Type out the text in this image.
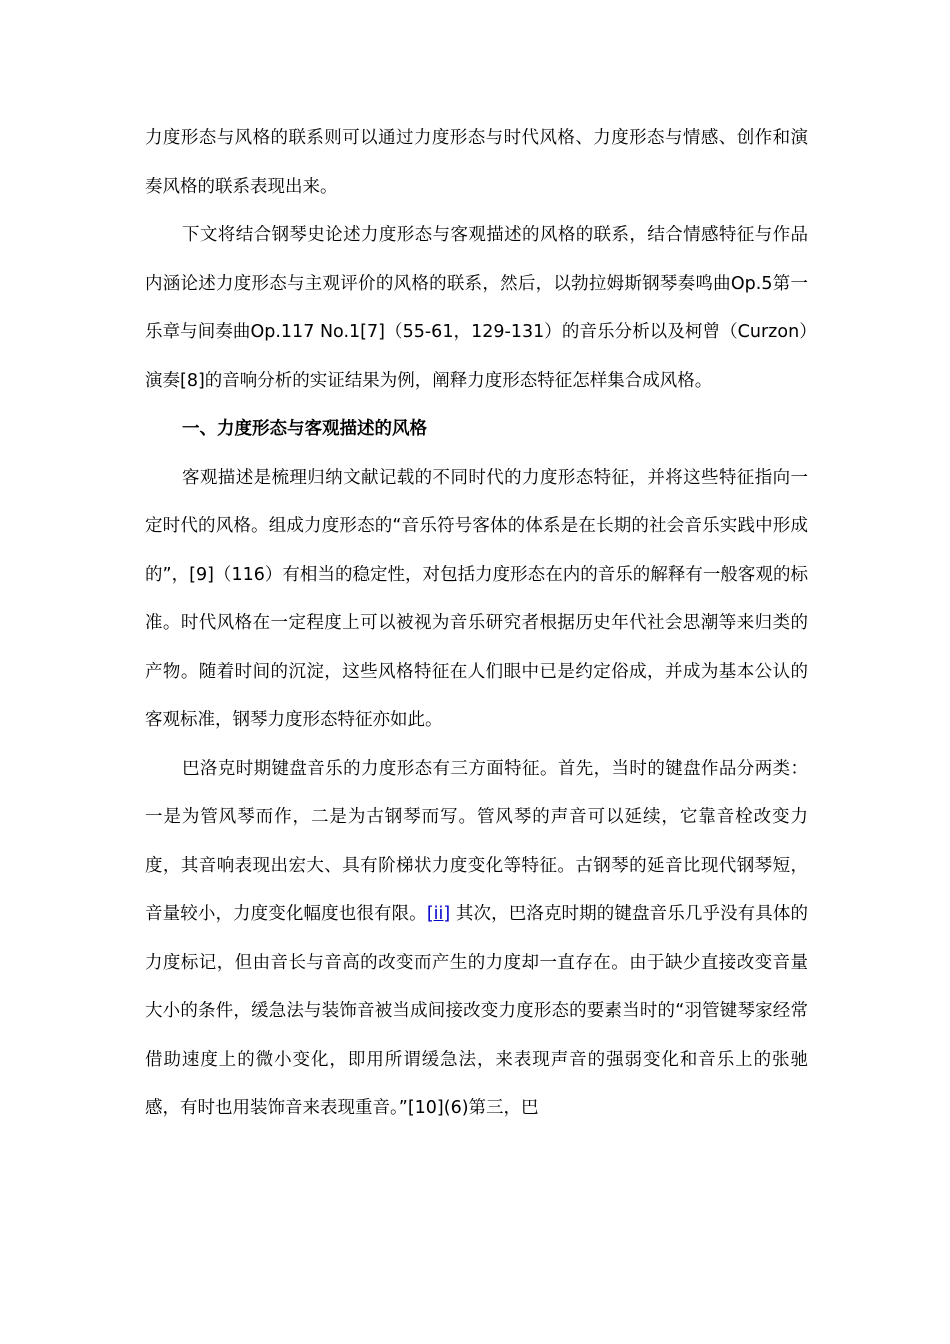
力度形态与风格的联系则可以通过力度形态与时代风格、力度形态与情感、创作和演奏风格的联系表现出来。

下文将结合钢琴史论述力度形态与客观描述的风格的联系，结合情感特征与作品内涵论述力度形态与主观评价的风格的联系，然后，以勃拉姆斯钢琴奏鸣曲Op.5第一乐章与间奏曲Op.117 No.1[7]（55-61，129-131）的音乐分析以及柯曾（Curzon）演奏[8]的音响分析的实证结果为例，阐释力度形态特征怎样集合成风格。

一、力度形态与客观描述的风格

客观描述是梳理归纳文献记载的不同时代的力度形态特征，并将这些特征指向一定时代的风格。组成力度形态的“音乐符号客体的体系是在长期的社会音乐实践中形成的”，[9]（116）有相当的稳定性，对包括力度形态在内的音乐的解释有一般客观的标准。时代风格在一定程度上可以被视为音乐研究者根据历史年代社会思潮等来归类的产物。随着时间的沉淀，这些风格特征在人们眼中已是约定俗成，并成为基本公认的客观标准，钢琴力度形态特征亦如此。

巴洛克时期键盘音乐的力度形态有三方面特征。首先，当时的键盘作品分两类：一是为管风琴而作，二是为古钢琴而写。管风琴的声音可以延续，它靠音栓改变力度，其音响表现出宏大、具有阶梯状力度变化等特征。古钢琴的延音比现代钢琴短，音量较小，力度变化幅度也很有限。[ii] 其次，巴洛克时期的键盘音乐几乎没有具体的力度标记，但由音长与音高的改变而产生的力度却一直存在。由于缺少直接改变音量大小的条件，缓急法与装饰音被当成间接改变力度形态的要素当时的“羽管键琴家经常借助速度上的微小变化，即用所谓缓急法，来表现声音的强弱变化和音乐上的张驰感，有时也用装饰音来表现重音。”[10](6)第三，巴
